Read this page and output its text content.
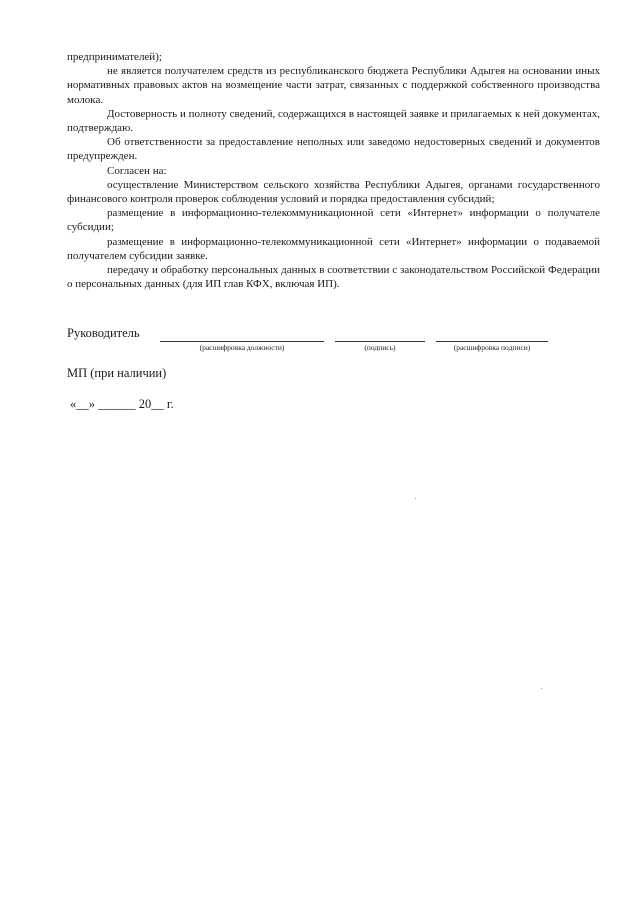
предпринимателей);

не является получателем средств из республиканского бюджета Республики Адыгея на основании иных нормативных правовых актов на возмещение части затрат, связанных с поддержкой собственного производства молока.

Достоверность и полноту сведений, содержащихся в настоящей заявке и прилагаемых к ней документах, подтверждаю.

Об ответственности за предоставление неполных или заведомо недостоверных сведений и документов предупрежден.

Согласен на:

осуществление Министерством сельского хозяйства Республики Адыгея, органами государственного финансового контроля проверок соблюдения условий и порядка предоставления субсидий;

размещение в информационно-телекоммуникационной сети «Интернет» информации о получателе субсидии;

размещение в информационно-телекоммуникационной сети «Интернет» информации о подаваемой получателем субсидии заявке.

передачу и обработку персональных данных в соответствии с законодательством Российской Федерации о персональных данных (для ИП глав КФХ, включая ИП).

Руководитель
(расшифровка должности)	(подпись)	(расшифровка подписи)
МП (при наличии)
«__» ______ 20__ г.
